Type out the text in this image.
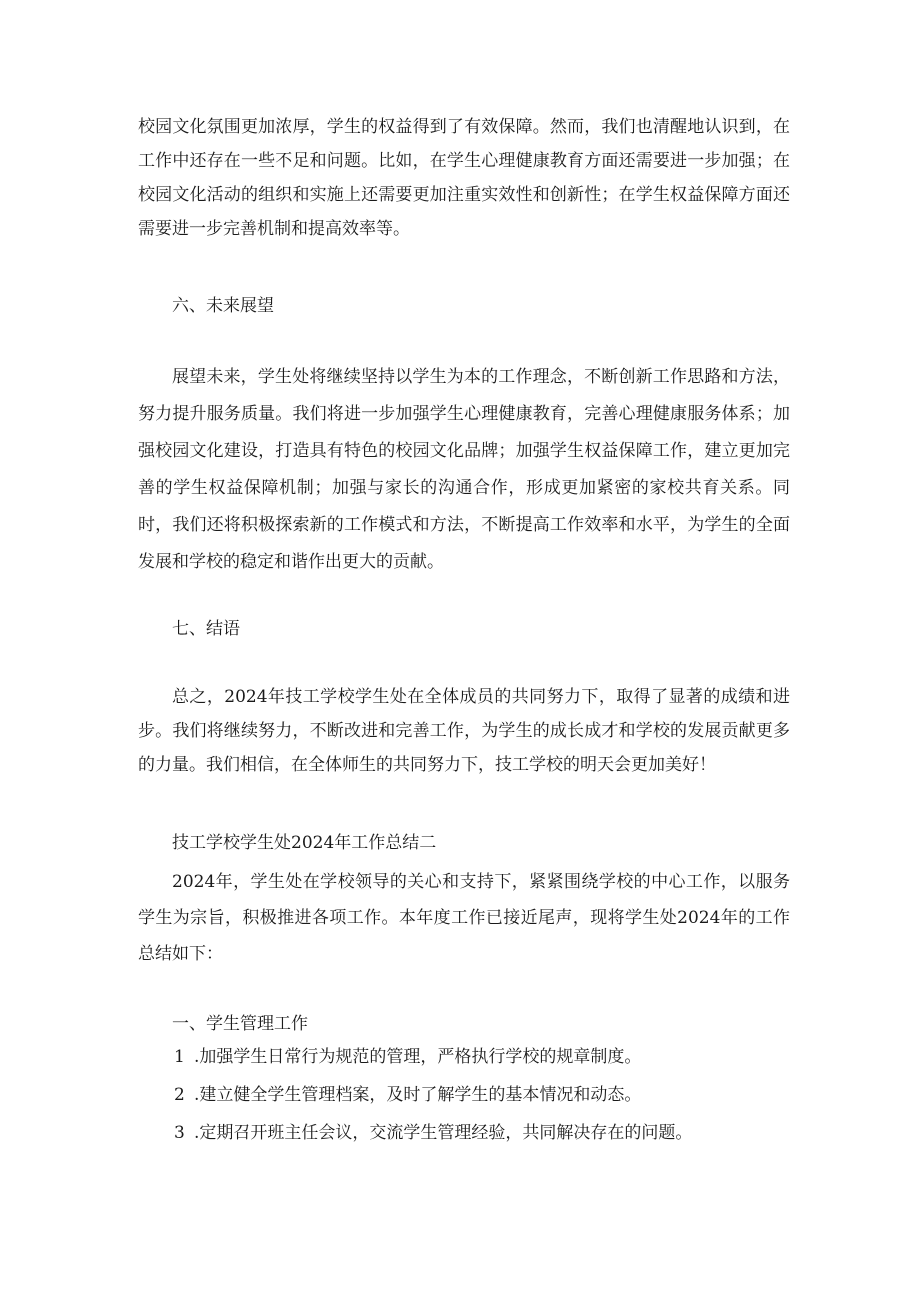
校园文化氛围更加浓厚，学生的权益得到了有效保障。然而，我们也清醒地认识到，在工作中还存在一些不足和问题。比如，在学生心理健康教育方面还需要进一步加强；在校园文化活动的组织和实施上还需要更加注重实效性和创新性；在学生权益保障方面还需要进一步完善机制和提高效率等。

六、未来展望

展望未来，学生处将继续坚持以学生为本的工作理念，不断创新工作思路和方法，努力提升服务质量。我们将进一步加强学生心理健康教育，完善心理健康服务体系；加强校园文化建设，打造具有特色的校园文化品牌；加强学生权益保障工作，建立更加完善的学生权益保障机制；加强与家长的沟通合作，形成更加紧密的家校共育关系。同时，我们还将积极探索新的工作模式和方法，不断提高工作效率和水平，为学生的全面发展和学校的稳定和谐作出更大的贡献。

七、结语

总之，2024年技工学校学生处在全体成员的共同努力下，取得了显著的成绩和进步。我们将继续努力，不断改进和完善工作，为学生的成长成才和学校的发展贡献更多的力量。我们相信，在全体师生的共同努力下，技工学校的明天会更加美好！

技工学校学生处2024年工作总结二

2024年，学生处在学校领导的关心和支持下，紧紧围绕学校的中心工作，以服务学生为宗旨，积极推进各项工作。本年度工作已接近尾声，现将学生处2024年的工作总结如下：

一、学生管理工作

1 .加强学生日常行为规范的管理，严格执行学校的规章制度。

2 .建立健全学生管理档案，及时了解学生的基本情况和动态。

3 .定期召开班主任会议，交流学生管理经验，共同解决存在的问题。
